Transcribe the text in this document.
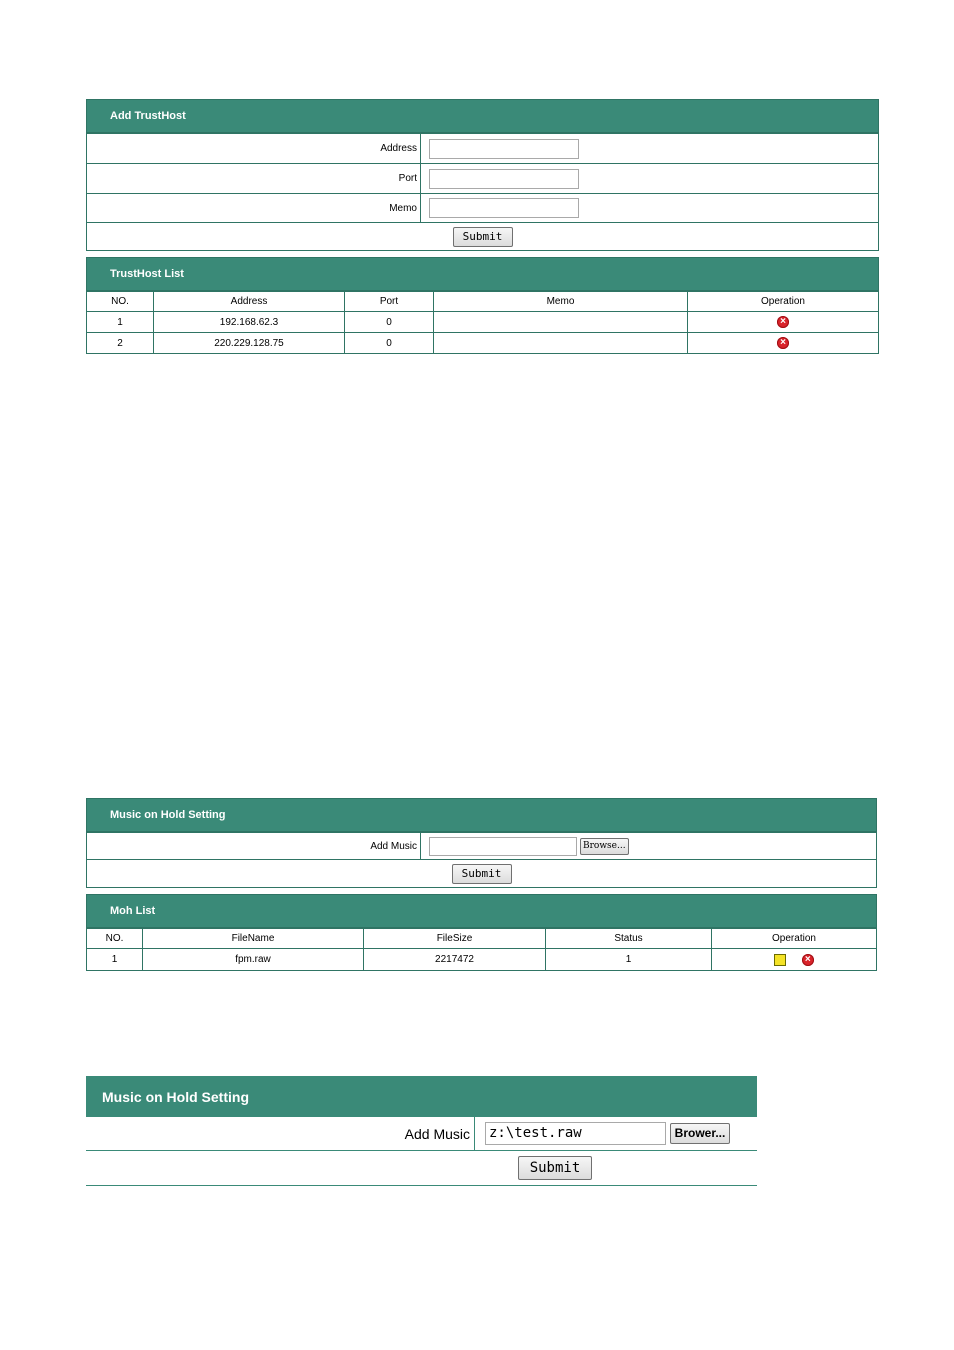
Add TrustHost
Address	
Port	
Memo	
Submit	
TrustHost List
NO.	Address	Port	Memo	Operation
1	192.168.62.3	0		×
2	220.229.128.75	0		×
Music on Hold Setting
Add Music	Browse...
Submit
Moh List
NO.	FileName	FileSize	Status	Operation
1	fpm.raw	2217472	1	×
Music on Hold Setting
Add Music	z:\test.raw	Brower...
Submit
